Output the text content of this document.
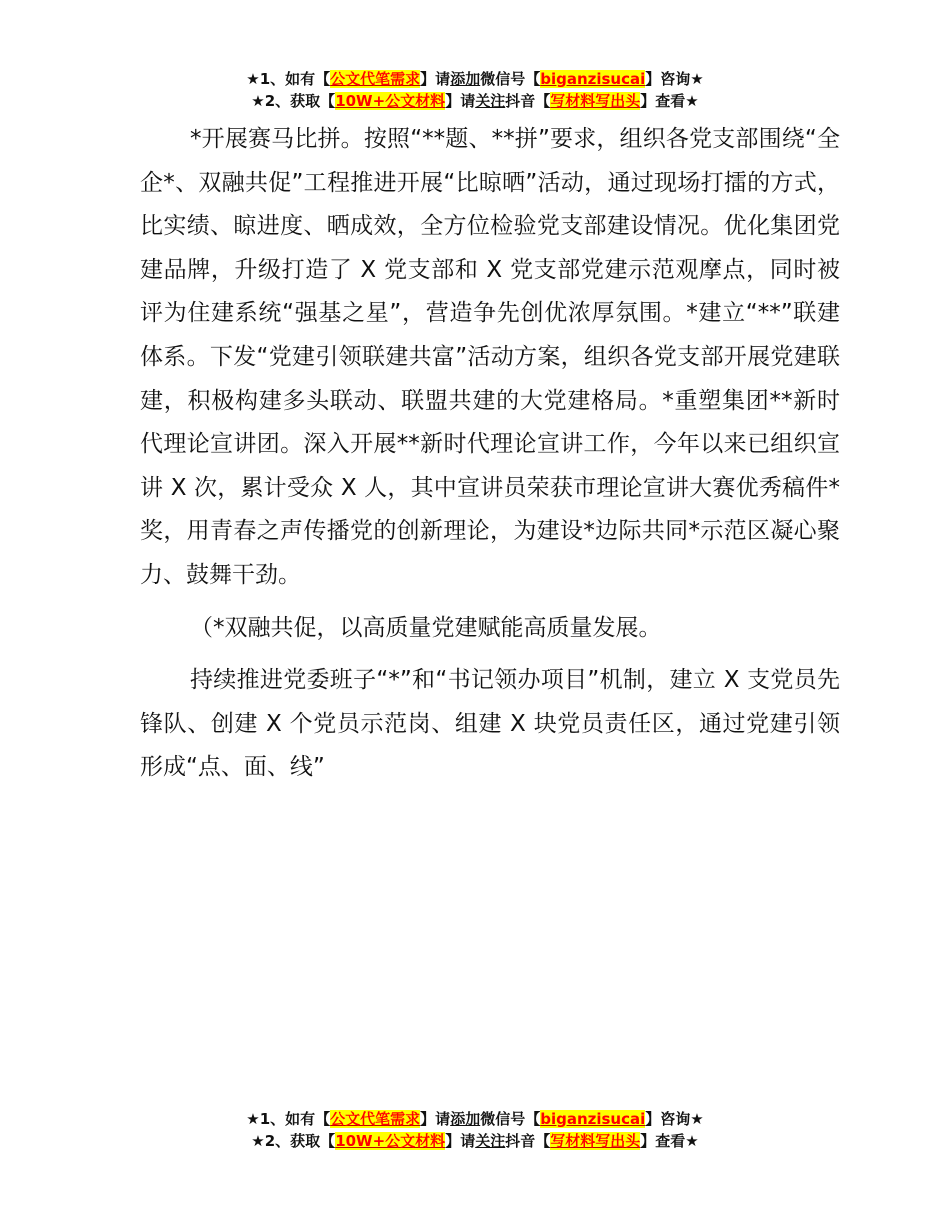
★1、如有【公文代笔需求】请添加微信号【biganzisucai】咨询★
★2、获取【10W+公文材料】请关注抖音【写材料写出头】查看★

*开展赛马比拼。按照“**题、**拼”要求，组织各党支部围绕“全企*、双融共促”工程推进开展“比晾晒”活动，通过现场打擂的方式，比实绩、晾进度、晒成效，全方位检验党支部建设情况。优化集团党建品牌，升级打造了 X 党支部和 X 党支部党建示范观摩点，同时被评为住建系统“强基之星”，营造争先创优浓厚氛围。*建立“**”联建体系。下发“党建引领联建共富”活动方案，组织各党支部开展党建联建，积极构建多头联动、联盟共建的大党建格局。*重塑集团**新时代理论宣讲团。深入开展**新时代理论宣讲工作，今年以来已组织宣讲 X 次，累计受众 X 人，其中宣讲员荣获市理论宣讲大赛优秀稿件*奖，用青春之声传播党的创新理论，为建设*边际共同*示范区凝心聚力、鼓舞干劲。

（*双融共促，以高质量党建赋能高质量发展。

持续推进党委班子“*”和“书记领办项目”机制，建立 X 支党员先锋队、创建 X 个党员示范岗、组建 X 块党员责任区，通过党建引领形成“点、面、线”

★1、如有【公文代笔需求】请添加微信号【biganzisucai】咨询★
★2、获取【10W+公文材料】请关注抖音【写材料写出头】查看★
